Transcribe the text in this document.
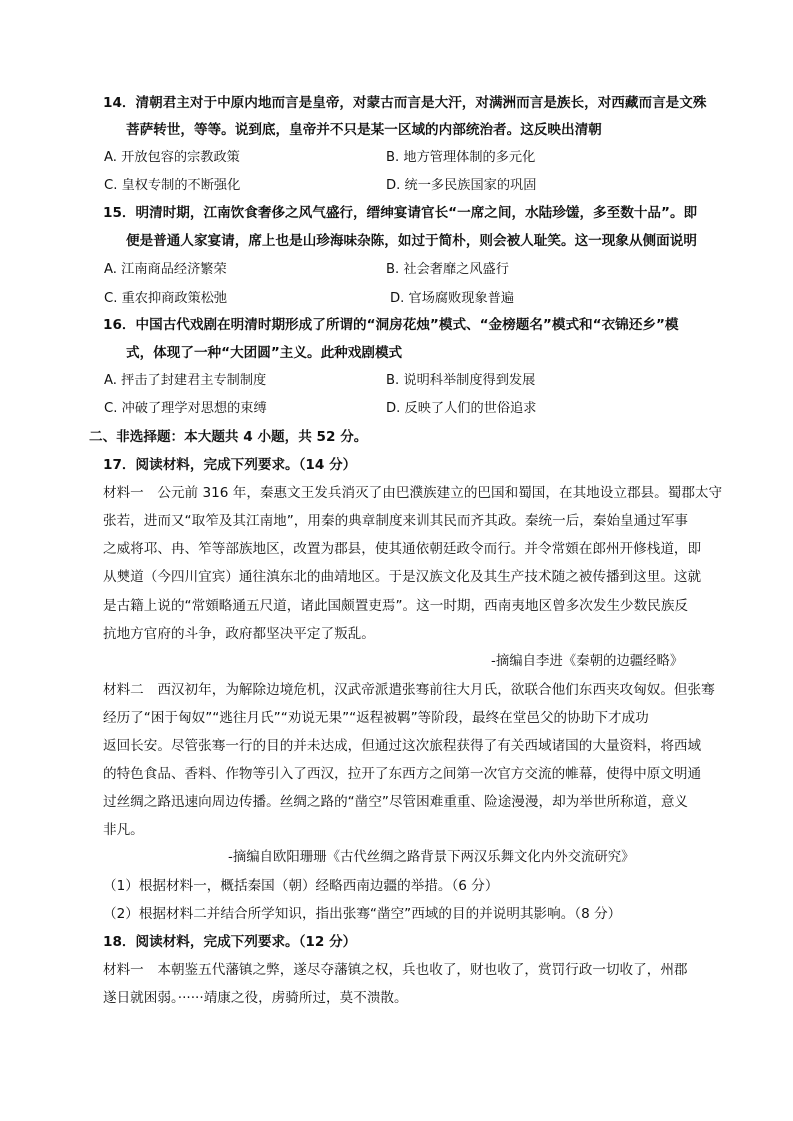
14．清朝君主对于中原内地而言是皇帝，对蒙古而言是大汗，对满洲而言是族长，对西藏而言是文殊
菩萨转世，等等。说到底，皇帝并不只是某一区域的内部统治者。这反映出清朝
A. 开放包容的宗教政策	B. 地方管理体制的多元化
C. 皇权专制的不断强化	D. 统一多民族国家的巩固
15．明清时期，江南饮食奢侈之风气盛行，缙绅宴请官长“一席之间，水陆珍馐，多至数十品”。即
便是普通人家宴请，席上也是山珍海味杂陈，如过于简朴，则会被人耻笑。这一现象从侧面说明
A. 江南商品经济繁荣	B. 社会奢靡之风盛行
C. 重农抑商政策松弛	D. 官场腐败现象普遍
16．中国古代戏剧在明清时期形成了所谓的“洞房花烛”模式、“金榜题名”模式和“衣锦还乡”模
式，体现了一种“大团圆”主义。此种戏剧模式
A. 抨击了封建君主专制制度	B. 说明科举制度得到发展
C. 冲破了理学对思想的束缚	D. 反映了人们的世俗追求
二、非选择题：本大题共 4 小题，共 52 分。
17．阅读材料，完成下列要求。（14 分）
材料一　公元前 316 年，秦惠文王发兵消灭了由巴濮族建立的巴国和蜀国，在其地设立郡县。蜀郡太守
张若，进而又“取笮及其江南地”，用秦的典章制度来训其民而齐其政。秦统一后，秦始皇通过军事
之威将邛、冉、笮等部族地区，改置为郡县，使其通依朝廷政令而行。并令常頞在郎州开修栈道，即
从僰道（今四川宜宾）通往滇东北的曲靖地区。于是汉族文化及其生产技术随之被传播到这里。这就
是古籍上说的“常頞略通五尺道，诸此国颇置吏焉”。这一时期，西南夷地区曾多次发生少数民族反
抗地方官府的斗争，政府都坚决平定了叛乱。
-摘编自李进《秦朝的边疆经略》
材料二　西汉初年，为解除边境危机，汉武帝派遣张骞前往大月氏，欲联合他们东西夹攻匈奴。但张骞
经历了“困于匈奴”“逃往月氏”“劝说无果”“返程被羁”等阶段，最终在堂邑父的协助下才成功
返回长安。尽管张骞一行的目的并未达成，但通过这次旅程获得了有关西域诸国的大量资料，将西域
的特色食品、香料、作物等引入了西汉，拉开了东西方之间第一次官方交流的帷幕，使得中原文明通
过丝绸之路迅速向周边传播。丝绸之路的“凿空”尽管困难重重、险途漫漫，却为举世所称道，意义
非凡。
-摘编自欧阳珊珊《古代丝绸之路背景下两汉乐舞文化内外交流研究》
（1）根据材料一，概括秦国（朝）经略西南边疆的举措。（6 分）
（2）根据材料二并结合所学知识，指出张骞“凿空”西域的目的并说明其影响。（8 分）
18．阅读材料，完成下列要求。（12 分）
材料一　本朝鉴五代藩镇之弊，遂尽夺藩镇之权，兵也收了，财也收了，赏罚行政一切收了，州郡
遂日就困弱。······靖康之役，虏骑所过，莫不溃散。
